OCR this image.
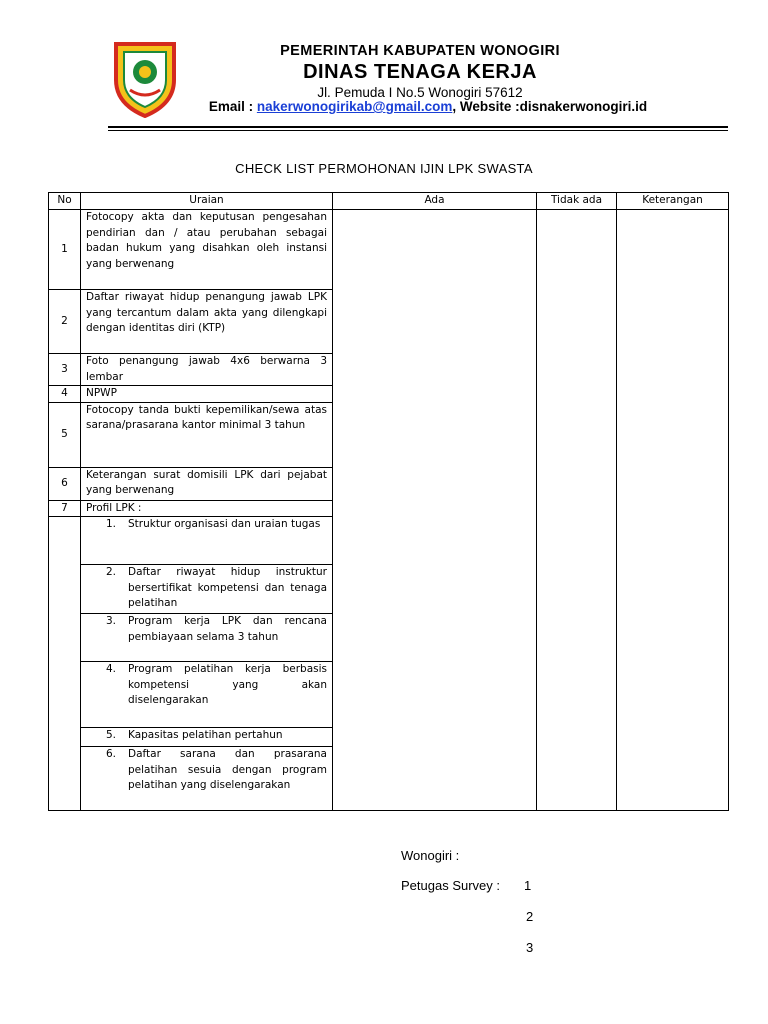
PEMERINTAH KABUPATEN WONOGIRI
DINAS TENAGA KERJA
Jl. Pemuda I No.5 Wonogiri 57612
Email : nakerwonogirikab@gmail.com, Website :disnakerwonogiri.id
CHECK LIST PERMOHONAN IJIN LPK SWASTA
No	Uraian	Ada	Tidak ada	Keterangan
1	Fotocopy akta dan keputusan pengesahan pendirian dan / atau perubahan sebagai badan hukum yang disahkan oleh instansi yang berwenang			
2	Daftar riwayat hidup penangung jawab LPK yang tercantum dalam akta yang dilengkapi dengan identitas diri (KTP)			
3	Foto penangung jawab 4x6 berwarna 3 lembar			
4	NPWP			
5	Fotocopy tanda bukti kepemilikan/sewa atas sarana/prasarana kantor minimal 3 tahun			
6	Keterangan surat domisili LPK dari pejabat yang berwenang			
7	Profil LPK :			

	1. Struktur organisasi dan uraian tugas			

	2. Daftar riwayat hidup instruktur bersertifikat kompetensi dan tenaga pelatihan			

	3. Program kerja LPK dan rencana pembiayaan selama 3 tahun			

	4. Program pelatihan kerja berbasis kompetensi yang akan diselengarakan			

	5. Kapasitas pelatihan pertahun			

	6. Daftar sarana dan prasarana pelatihan sesuia dengan program pelatihan yang diselengarakan			
Wonogiri :
Petugas Survey : 1
2
3
